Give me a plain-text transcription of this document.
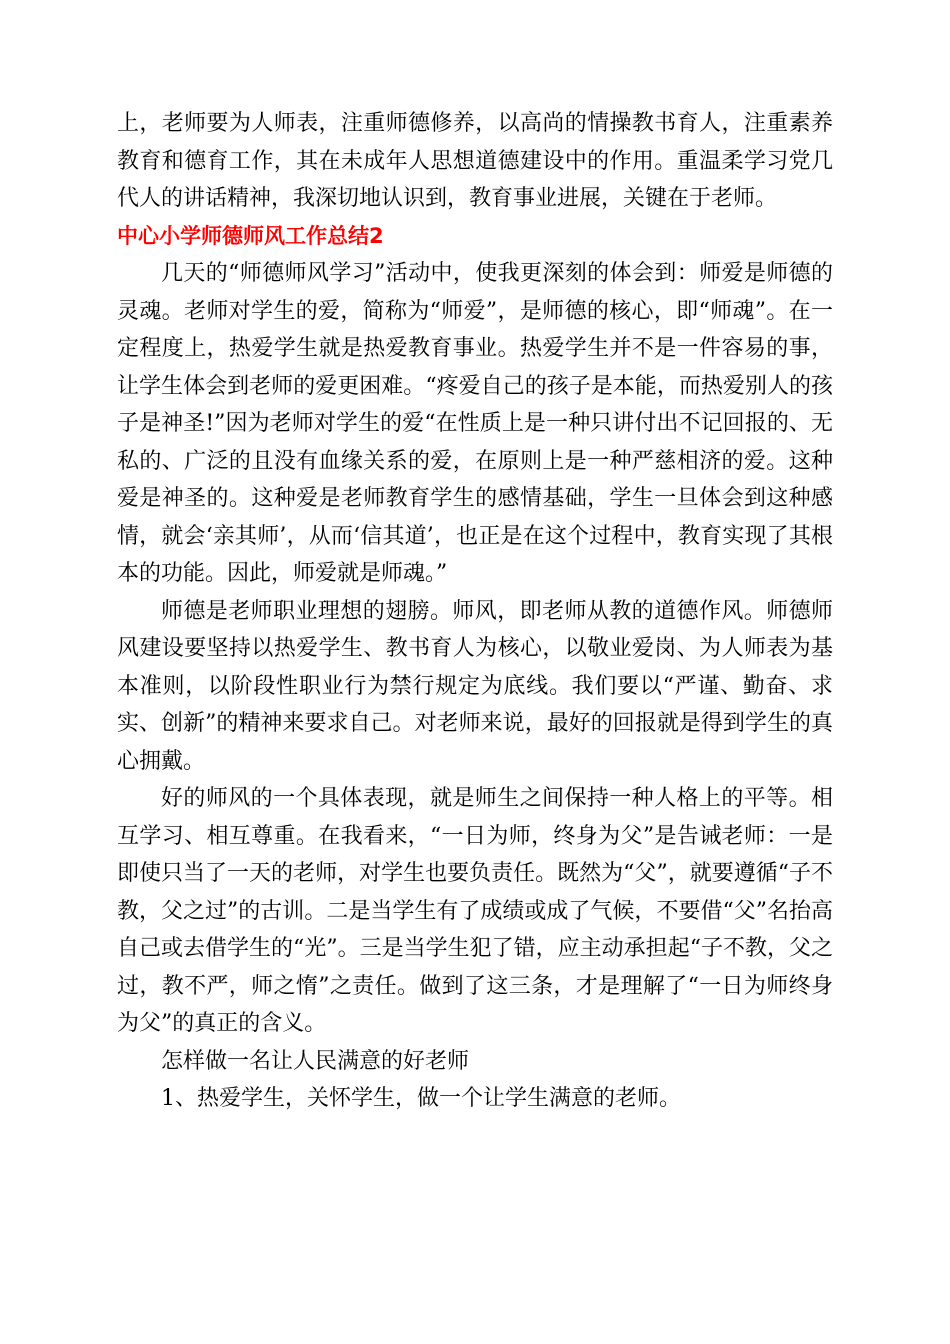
上，老师要为人师表，注重师德修养，以高尚的情操教书育人，注重素养教育和德育工作，其在未成年人思想道德建设中的作用。重温柔学习党几代人的讲话精神，我深切地认识到，教育事业进展，关键在于老师。

中心小学师德师风工作总结2

几天的“师德师风学习”活动中，使我更深刻的体会到：师爱是师德的灵魂。老师对学生的爱，简称为“师爱”，是师德的核心，即“师魂”。在一定程度上，热爱学生就是热爱教育事业。热爱学生并不是一件容易的事，让学生体会到老师的爱更困难。“疼爱自己的孩子是本能，而热爱别人的孩子是神圣!”因为老师对学生的爱“在性质上是一种只讲付出不记回报的、无私的、广泛的且没有血缘关系的爱，在原则上是一种严慈相济的爱。这种爱是神圣的。这种爱是老师教育学生的感情基础，学生一旦体会到这种感情，就会‘亲其师’，从而‘信其道’，也正是在这个过程中，教育实现了其根本的功能。因此，师爱就是师魂。”

师德是老师职业理想的翅膀。师风，即老师从教的道德作风。师德师风建设要坚持以热爱学生、教书育人为核心，以敬业爱岗、为人师表为基本准则，以阶段性职业行为禁行规定为底线。我们要以“严谨、勤奋、求实、创新”的精神来要求自己。对老师来说，最好的回报就是得到学生的真心拥戴。

好的师风的一个具体表现，就是师生之间保持一种人格上的平等。相互学习、相互尊重。在我看来，“一日为师，终身为父”是告诫老师：一是即使只当了一天的老师，对学生也要负责任。既然为“父”，就要遵循“子不教，父之过”的古训。二是当学生有了成绩或成了气候，不要借“父”名抬高自己或去借学生的“光”。三是当学生犯了错，应主动承担起“子不教，父之过，教不严，师之惰”之责任。做到了这三条，才是理解了“一日为师终身为父”的真正的含义。

怎样做一名让人民满意的好老师

1、热爱学生，关怀学生，做一个让学生满意的老师。
